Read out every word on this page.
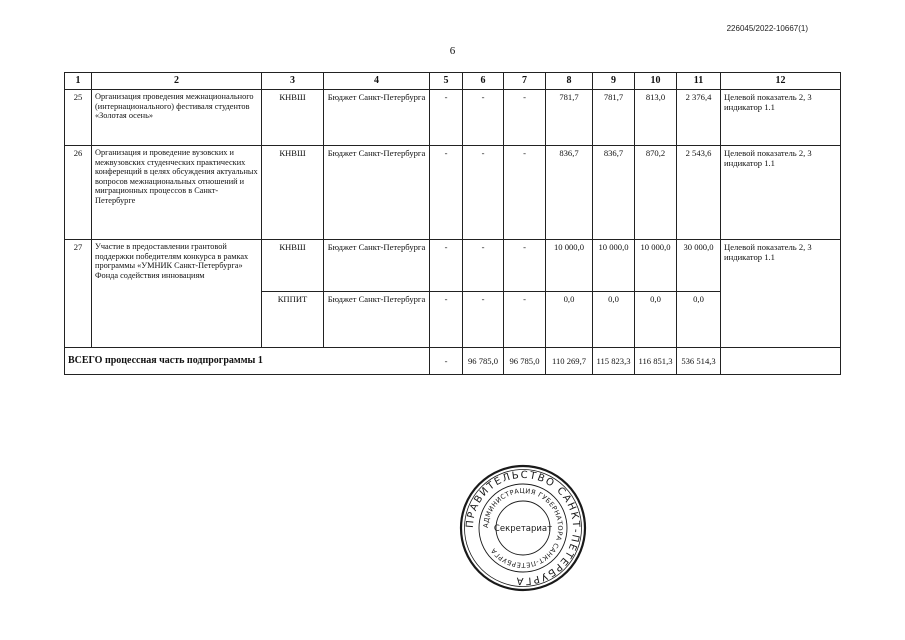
226045/2022-10667(1)
6
1	2	3	4	5	6	7	8	9	10	11	12
25	Организация проведения межнационального (интернационального) фестиваля студентов «Золотая осень»	КНВШ	Бюджет Санкт-Петербурга	-	-	-	781,7	781,7	813,0	2 376,4	Целевой показатель 2, 3 индикатор 1.1
26	Организация и проведение вузовских и межвузовских студенческих практических конференций в целях обсуждения актуальных вопросов межнациональных отношений и миграционных процессов в Санкт-Петербурге	КНВШ	Бюджет Санкт-Петербурга	-	-	-	836,7	836,7	870,2	2 543,6	Целевой показатель 2, 3 индикатор 1.1
27	Участие в предоставлении грантовой поддержки победителям конкурса в рамках программы «УМНИК Санкт-Петербурга» Фонда содействия инновациям	КНВШ	Бюджет Санкт-Петербурга	-	-	-	10 000,0	10 000,0	10 000,0	30 000,0	Целевой показатель 2, 3 индикатор 1.1
		КППИТ	Бюджет Санкт-Петербурга	-	-	-	0,0	0,0	0,0	0,0	
ВСЕГО процессная часть подпрограммы 1				-	96 785,0	96 785,0	110 269,7	115 823,3	116 851,3	536 514,3	
ПРАВИТЕЛЬСТВО САНКТ-ПЕТЕРБУРГА
АДМИНИСТРАЦИЯ ГУБЕРНАТОРА САНКТ-ПЕТЕРБУРГА
Секретариат
